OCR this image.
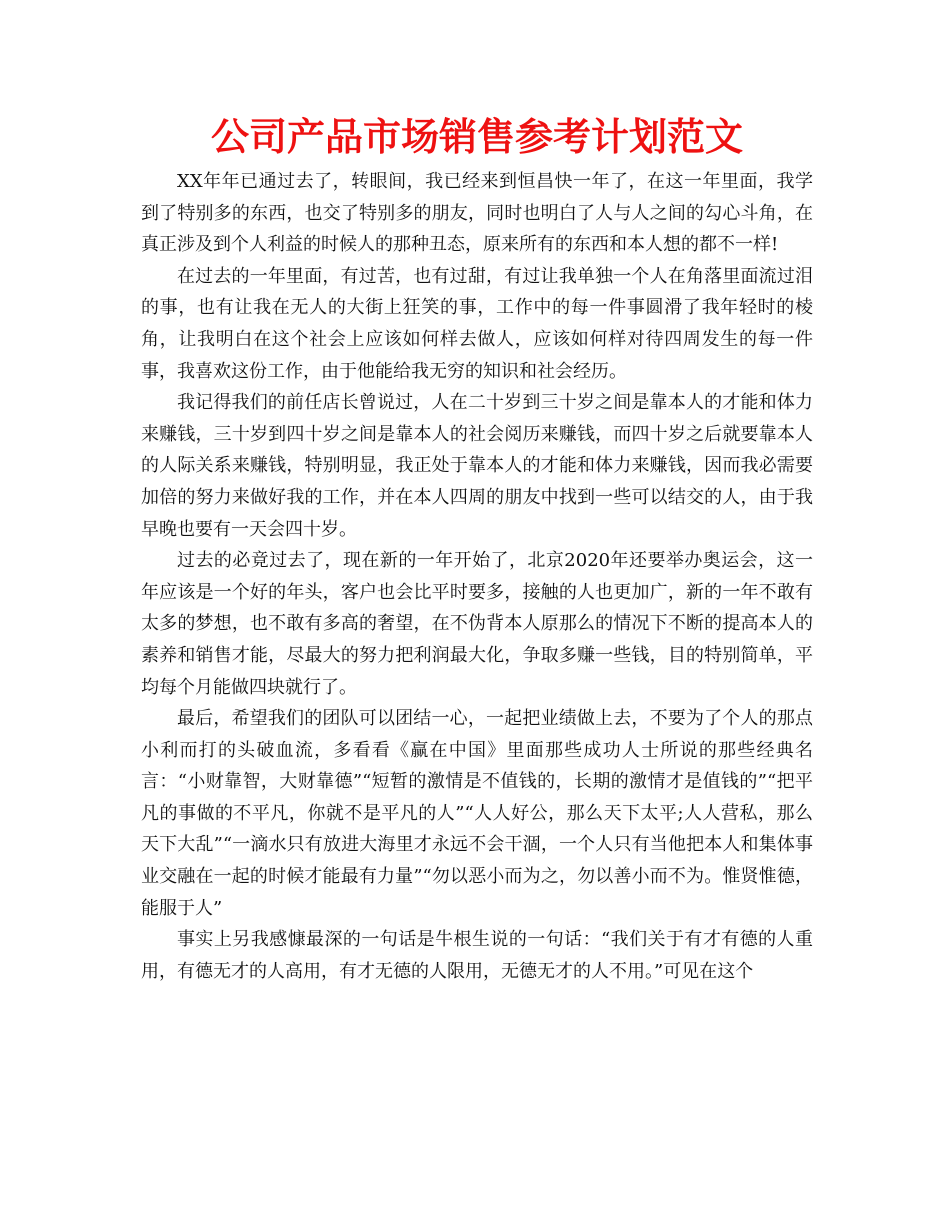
公司产品市场销售参考计划范文

XX年年已通过去了，转眼间，我已经来到恒昌快一年了，在这一年里面，我学到了特别多的东西，也交了特别多的朋友，同时也明白了人与人之间的勾心斗角，在真正涉及到个人利益的时候人的那种丑态，原来所有的东西和本人想的都不一样!

在过去的一年里面，有过苦，也有过甜，有过让我单独一个人在角落里面流过泪的事，也有让我在无人的大街上狂笑的事，工作中的每一件事圆滑了我年轻时的棱角，让我明白在这个社会上应该如何样去做人，应该如何样对待四周发生的每一件事，我喜欢这份工作，由于他能给我无穷的知识和社会经历。

我记得我们的前任店长曾说过，人在二十岁到三十岁之间是靠本人的才能和体力来赚钱，三十岁到四十岁之间是靠本人的社会阅历来赚钱，而四十岁之后就要靠本人的人际关系来赚钱，特别明显，我正处于靠本人的才能和体力来赚钱，因而我必需要加倍的努力来做好我的工作，并在本人四周的朋友中找到一些可以结交的人，由于我早晚也要有一天会四十岁。

过去的必竟过去了，现在新的一年开始了，北京2020年还要举办奥运会，这一年应该是一个好的年头，客户也会比平时要多，接触的人也更加广，新的一年不敢有太多的梦想，也不敢有多高的奢望，在不伪背本人原那么的情况下不断的提高本人的素养和销售才能，尽最大的努力把利润最大化，争取多赚一些钱，目的特别简单，平均每个月能做四块就行了。

最后，希望我们的团队可以团结一心，一起把业绩做上去，不要为了个人的那点小利而打的头破血流，多看看《赢在中国》里面那些成功人士所说的那些经典名言：“小财靠智，大财靠德”“短暂的激情是不值钱的，长期的激情才是值钱的”“把平凡的事做的不平凡，你就不是平凡的人”“人人好公，那么天下太平;人人营私，那么天下大乱”“一滴水只有放进大海里才永远不会干涸，一个人只有当他把本人和集体事业交融在一起的时候才能最有力量”“勿以恶小而为之，勿以善小而不为。惟贤惟德，能服于人”

事实上另我感慷最深的一句话是牛根生说的一句话：“我们关于有才有德的人重用，有德无才的人高用，有才无德的人限用，无德无才的人不用。”可见在这个
